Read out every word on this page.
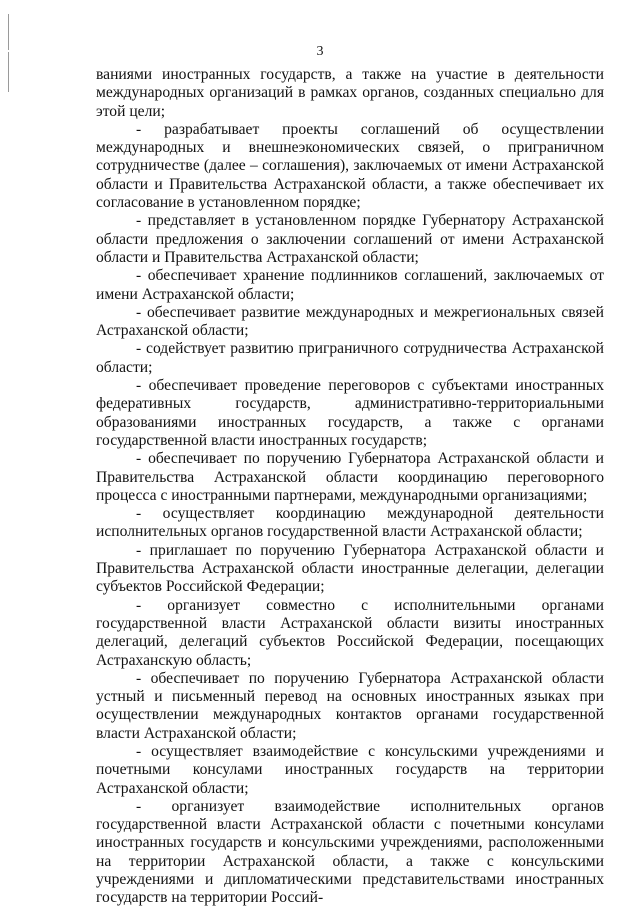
3

ваниями иностранных государств, а также на участие в деятельности международных организаций в рамках органов, созданных специально для этой цели;

- разрабатывает проекты соглашений об осуществлении международных и внешнеэкономических связей, о приграничном сотрудничестве (далее – соглашения), заключаемых от имени Астраханской области и Правительства Астраханской области, а также обеспечивает их согласование в установленном порядке;

- представляет в установленном порядке Губернатору Астраханской области предложения о заключении соглашений от имени Астраханской области и Правительства Астраханской области;

- обеспечивает хранение подлинников соглашений, заключаемых от имени Астраханской области;

- обеспечивает развитие международных и межрегиональных связей Астраханской области;

- содействует развитию приграничного сотрудничества Астраханской области;

- обеспечивает проведение переговоров с субъектами иностранных федеративных государств, административно-территориальными образованиями иностранных государств, а также с органами государственной власти иностранных государств;

- обеспечивает по поручению Губернатора Астраханской области и Правительства Астраханской области координацию переговорного процесса с иностранными партнерами, международными организациями;

- осуществляет координацию международной деятельности исполнительных органов государственной власти Астраханской области;

- приглашает по поручению Губернатора Астраханской области и Правительства Астраханской области иностранные делегации, делегации субъектов Российской Федерации;

- организует совместно с исполнительными органами государственной власти Астраханской области визиты иностранных делегаций, делегаций субъектов Российской Федерации, посещающих Астраханскую область;

- обеспечивает по поручению Губернатора Астраханской области устный и письменный перевод на основных иностранных языках при осуществлении международных контактов органами государственной власти Астраханской области;

- осуществляет взаимодействие с консульскими учреждениями и почетными консулами иностранных государств на территории Астраханской области;

- организует взаимодействие исполнительных органов государственной власти Астраханской области с почетными консулами иностранных государств и консульскими учреждениями, расположенными на территории Астраханской области, а также с консульскими учреждениями и дипломатическими представительствами иностранных государств на территории Россий-
